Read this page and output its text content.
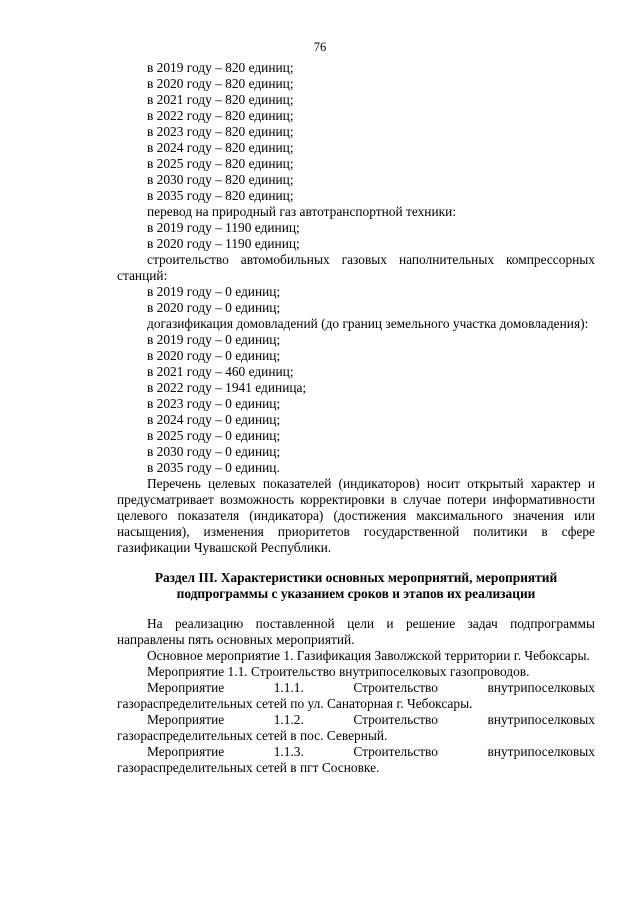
76

в 2019 году – 820 единиц;

в 2020 году – 820 единиц;

в 2021 году – 820 единиц;

в 2022 году – 820 единиц;

в 2023 году – 820 единиц;

в 2024 году – 820 единиц;

в 2025 году – 820 единиц;

в 2030 году – 820 единиц;

в 2035 году – 820 единиц;

перевод на природный газ автотранспортной техники:

в 2019 году – 1190 единиц;

в 2020 году – 1190 единиц;

строительство автомобильных газовых наполнительных компрессорных станций:

в 2019 году – 0 единиц;

в 2020 году – 0 единиц;

догазификация домовладений (до границ земельного участка домовладения):

в 2019 году – 0 единиц;

в 2020 году – 0 единиц;

в 2021 году – 460 единиц;

в 2022 году – 1941 единица;

в 2023 году – 0 единиц;

в 2024 году – 0 единиц;

в 2025 году – 0 единиц;

в 2030 году – 0 единиц;

в 2035 году – 0 единиц.

Перечень целевых показателей (индикаторов) носит открытый характер и предусматривает возможность корректировки в случае потери информативности целевого показателя (индикатора) (достижения максимального значения или насыщения), изменения приоритетов государственной политики в сфере газификации Чувашской Республики.

Раздел III. Характеристики основных мероприятий, мероприятий

подпрограммы с указанием сроков и этапов их реализации

На реализацию поставленной цели и решение задач подпрограммы направлены пять основных мероприятий.

Основное мероприятие 1. Газификация Заволжской территории г. Чебоксары.

Мероприятие 1.1. Строительство внутрипоселковых газопроводов.

Мероприятие 1.1.1. Строительство внутрипоселковых газораспределительных сетей по ул. Санаторная г. Чебоксары.

Мероприятие 1.1.2. Строительство внутрипоселковых газораспределительных сетей в пос. Северный.

Мероприятие 1.1.3. Строительство внутрипоселковых газораспределительных сетей в пгт Сосновке.
